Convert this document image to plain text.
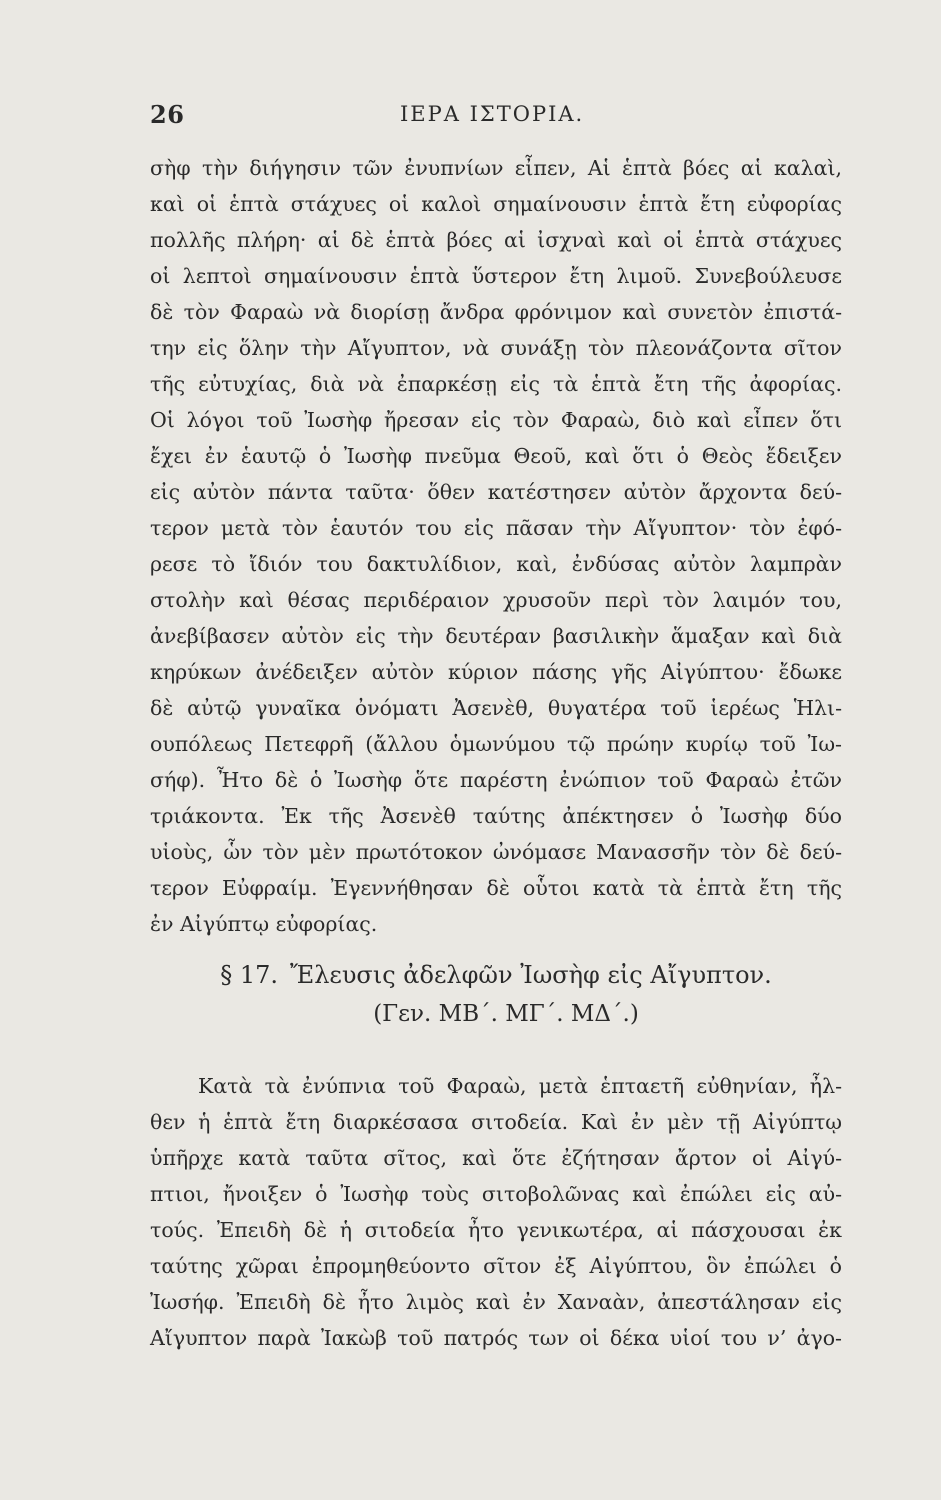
26	ΙΕΡΑ ΙΣΤΟΡΙΑ.
σὴφ τὴν διήγησιν τῶν ἐνυπνίων εἶπεν, Αἱ ἑπτὰ βόες αἱ καλαὶ,
καὶ οἱ ἑπτὰ στάχυες οἱ καλοὶ σημαίνουσιν ἑπτὰ ἔτη εὐφορίας
πολλῆς πλήρη· αἱ δὲ ἑπτὰ βόες αἱ ἰσχναὶ καὶ οἱ ἑπτὰ στάχυες
οἱ λεπτοὶ σημαίνουσιν ἑπτὰ ὕστερον ἔτη λιμοῦ. Συνεβούλευσε
δὲ τὸν Φαραὼ νὰ διορίσῃ ἄνδρα φρόνιμον καὶ συνετὸν ἐπιστά-
την εἰς ὅλην τὴν Αἴγυπτον, νὰ συνάξῃ τὸν πλεονάζοντα σῖτον
τῆς εὐτυχίας, διὰ νὰ ἐπαρκέσῃ εἰς τὰ ἑπτὰ ἔτη τῆς ἀφορίας.
Οἱ λόγοι τοῦ Ἰωσὴφ ἤρεσαν εἰς τὸν Φαραὼ, διὸ καὶ εἶπεν ὅτι
ἔχει ἐν ἑαυτῷ ὁ Ἰωσὴφ πνεῦμα Θεοῦ, καὶ ὅτι ὁ Θεὸς ἔδειξεν
εἰς αὐτὸν πάντα ταῦτα· ὅθεν κατέστησεν αὐτὸν ἄρχοντα δεύ-
τερον μετὰ τὸν ἑαυτόν του εἰς πᾶσαν τὴν Αἴγυπτον· τὸν ἐφό-
ρεσε τὸ ἴδιόν του δακτυλίδιον, καὶ, ἐνδύσας αὐτὸν λαμπρὰν
στολὴν καὶ θέσας περιδέραιον χρυσοῦν περὶ τὸν λαιμόν του,
ἀνεβίβασεν αὐτὸν εἰς τὴν δευτέραν βασιλικὴν ἅμαξαν καὶ διὰ
κηρύκων ἀνέδειξεν αὐτὸν κύριον πάσης γῆς Αἰγύπτου· ἔδωκε
δὲ αὐτῷ γυναῖκα ὀνόματι Ἀσενὲθ, θυγατέρα τοῦ ἱερέως Ἡλι-
ουπόλεως Πετεφρῆ (ἄλλου ὁμωνύμου τῷ πρώην κυρίῳ τοῦ Ἰω-
σήφ). Ἦτο δὲ ὁ Ἰωσὴφ ὅτε παρέστη ἐνώπιον τοῦ Φαραὼ ἐτῶν
τριάκοντα. Ἐκ τῆς Ἀσενὲθ ταύτης ἀπέκτησεν ὁ Ἰωσὴφ δύο
υἱοὺς, ὧν τὸν μὲν πρωτότοκον ὠνόμασε Μανασσῆν τὸν δὲ δεύ-
τερον Εὐφραίμ. Ἐγεννήθησαν δὲ οὗτοι κατὰ τὰ ἑπτὰ ἔτη τῆς
ἐν Αἰγύπτῳ εὐφορίας.
§ 17. Ἔλευσις ἀδελφῶν Ἰωσὴφ εἰς Αἴγυπτον.
(Γεν. ΜΒ΄. ΜΓ΄. ΜΔ΄.)
Κατὰ τὰ ἐνύπνια τοῦ Φαραὼ, μετὰ ἑπταετῆ εὐθηνίαν, ἦλ-
θεν ἡ ἑπτὰ ἔτη διαρκέσασα σιτοδεία. Καὶ ἐν μὲν τῇ Αἰγύπτῳ
ὑπῆρχε κατὰ ταῦτα σῖτος, καὶ ὅτε ἐζήτησαν ἄρτον οἱ Αἰγύ-
πτιοι, ἤνοιξεν ὁ Ἰωσὴφ τοὺς σιτοβολῶνας καὶ ἐπώλει εἰς αὐ-
τούς. Ἐπειδὴ δὲ ἡ σιτοδεία ἦτο γενικωτέρα, αἱ πάσχουσαι ἐκ
ταύτης χῶραι ἐπρομηθεύοντο σῖτον ἐξ Αἰγύπτου, ὃν ἐπώλει ὁ
Ἰωσήφ. Ἐπειδὴ δὲ ἦτο λιμὸς καὶ ἐν Χαναὰν, ἀπεστάλησαν εἰς
Αἴγυπτον παρὰ Ἰακὼβ τοῦ πατρός των οἱ δέκα υἱοί του ν’ ἀγο-
